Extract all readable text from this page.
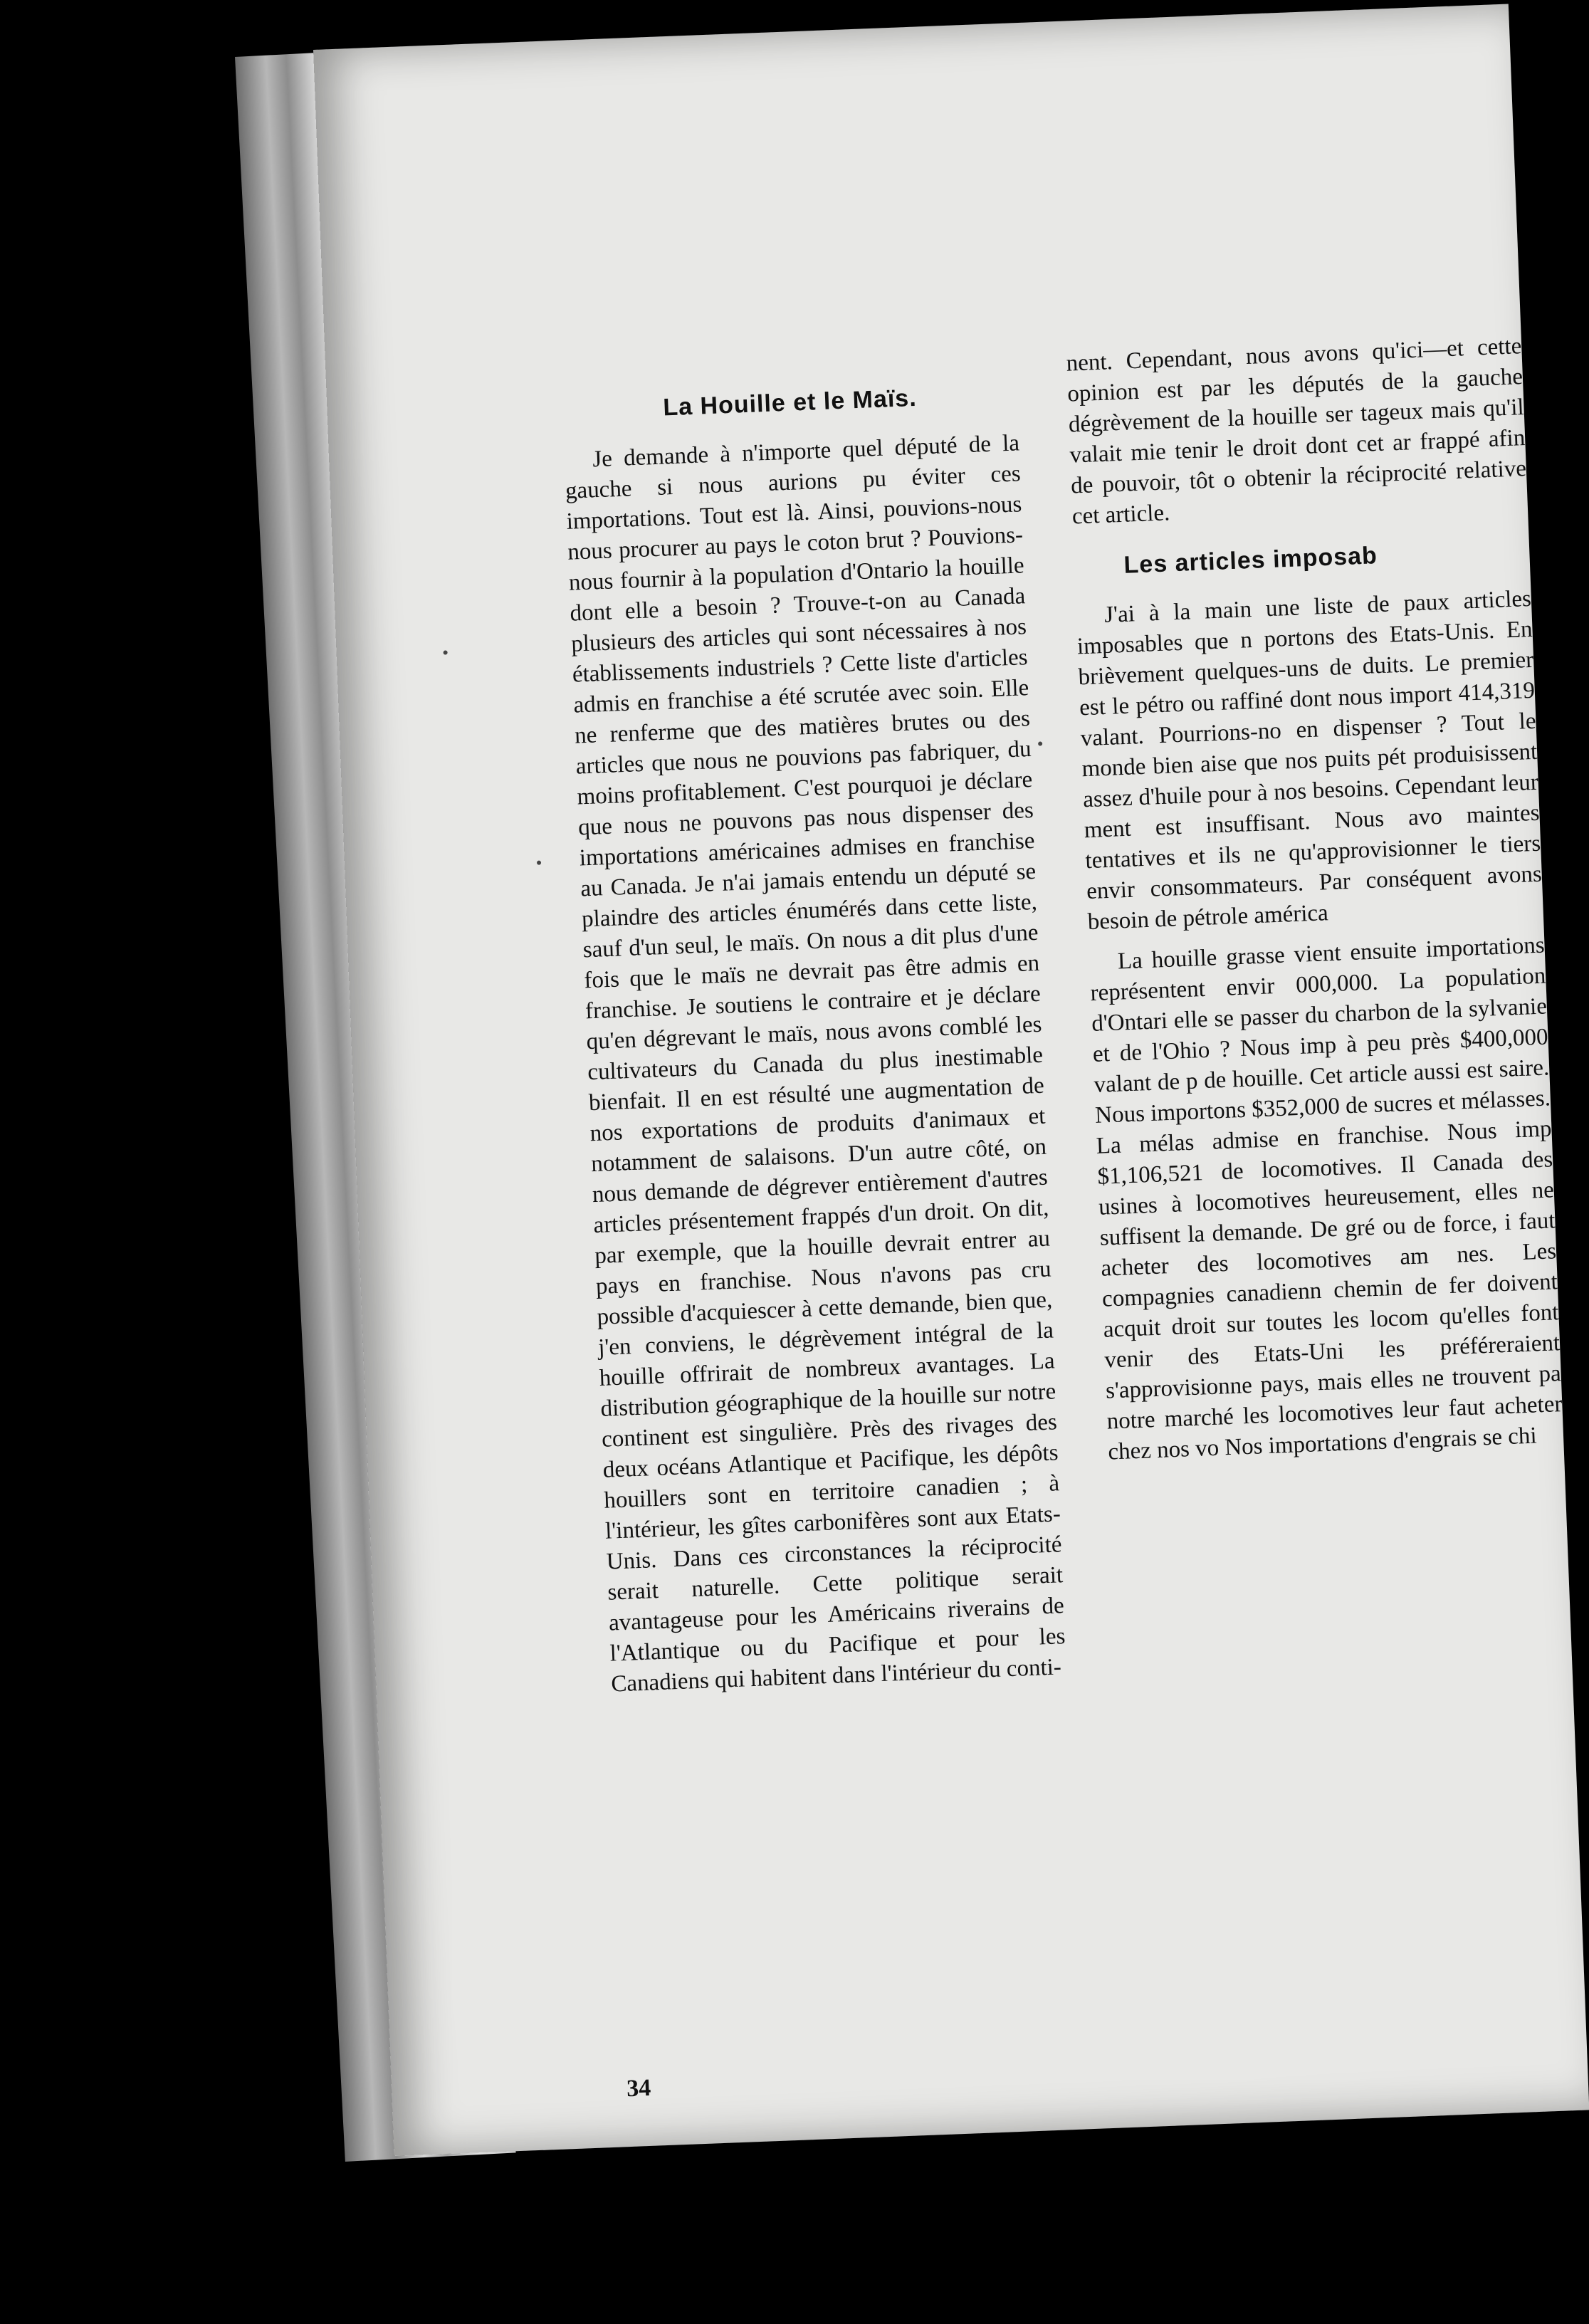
La Houille et le Maïs.

Je demande à n'importe quel député de la gauche si nous aurions pu éviter ces importations. Tout est là. Ainsi, pouvions-nous nous procurer au pays le coton brut ? Pouvions-nous fournir à la population d'Ontario la houille dont elle a besoin ? Trouve-t-on au Canada plusieurs des articles qui sont nécessaires à nos établissements industriels ? Cette liste d'articles admis en franchise a été scrutée avec soin. Elle ne renferme que des matières brutes ou des articles que nous ne pouvions pas fabriquer, du moins profitablement. C'est pourquoi je déclare que nous ne pouvons pas nous dispenser des importations américaines admises en franchise au Canada. Je n'ai jamais entendu un député se plaindre des articles énumérés dans cette liste, sauf d'un seul, le maïs. On nous a dit plus d'une fois que le maïs ne devrait pas être admis en franchise. Je soutiens le contraire et je déclare qu'en dégrevant le maïs, nous avons comblé les cultivateurs du Canada du plus inestimable bienfait. Il en est résulté une augmentation de nos exportations de produits d'animaux et notamment de salaisons. D'un autre côté, on nous demande de dégrever entièrement d'autres articles présentement frappés d'un droit. On dit, par exemple, que la houille devrait entrer au pays en franchise. Nous n'avons pas cru possible d'acquiescer à cette demande, bien que, j'en conviens, le dégrèvement intégral de la houille offrirait de nombreux avantages. La distribution géographique de la houille sur notre continent est singulière. Près des rivages des deux océans Atlantique et Pacifique, les dépôts houillers sont en territoire canadien ; à l'intérieur, les gîtes carbonifères sont aux Etats-Unis. Dans ces circonstances la réciprocité serait naturelle. Cette politique serait avantageuse pour les Américains riverains de l'Atlantique ou du Pacifique et pour les Canadiens qui habitent dans l'intérieur du conti-

nent. Cependant, nous avons qu'ici—et cette opinion est par les députés de la gauche dégrèvement de la houille ser tageux mais qu'il valait mie tenir le droit dont cet ar frappé afin de pouvoir, tôt o obtenir la réciprocité relative cet article.

Les articles imposab

J'ai à la main une liste de paux articles imposables que n portons des Etats-Unis. En brièvement quelques-uns de duits. Le premier est le pétro ou raffiné dont nous import 414,319 valant. Pourrions-no en dispenser ? Tout le monde bien aise que nos puits pét produisissent assez d'huile pour à nos besoins. Cependant leur ment est insuffisant. Nous avo maintes tentatives et ils ne qu'approvisionner le tiers envir consommateurs. Par conséquent avons besoin de pétrole américa

La houille grasse vient ensuite importations représentent envir 000,000. La population d'Ontari elle se passer du charbon de la sylvanie et de l'Ohio ? Nous imp à peu près $400,000 valant de p de houille. Cet article aussi est saire. Nous importons $352,000 de sucres et mélasses. La mélas admise en franchise. Nous imp $1,106,521 de locomotives. Il Canada des usines à locomotives heureusement, elles ne suffisent la demande. De gré ou de force, i faut acheter des locomotives am nes. Les compagnies canadienn chemin de fer doivent acquit droit sur toutes les locom qu'elles font venir des Etats-Uni les préféreraient s'approvisionne pays, mais elles ne trouvent pa notre marché les locomotives leur faut acheter chez nos vo Nos importations d'engrais se chi

34
